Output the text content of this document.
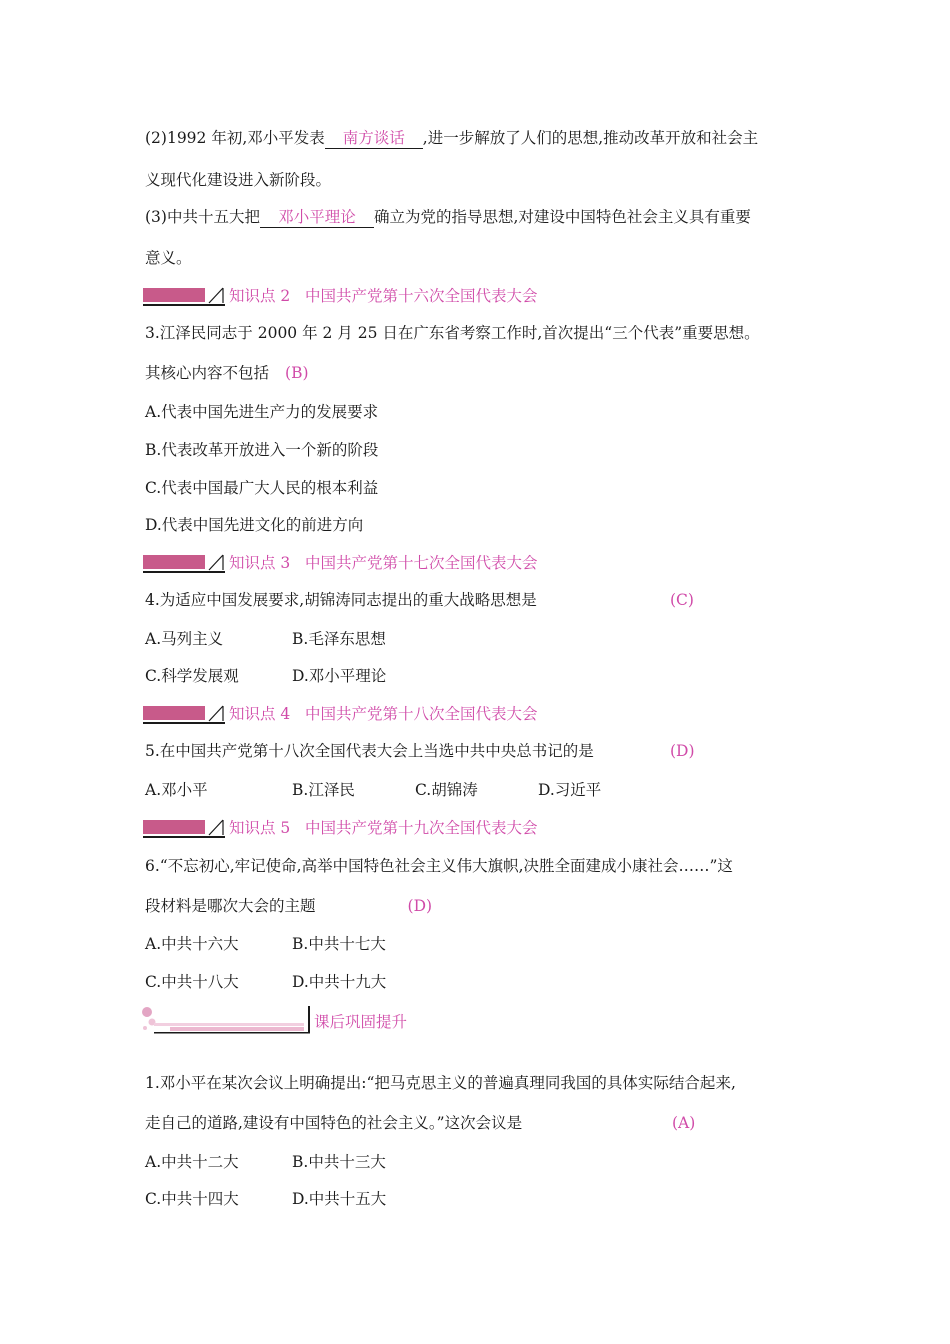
(2)1992 年初,邓小平发表 南方谈话 ,进一步解放了人们的思想,推动改革开放和社会主
义现代化建设进入新阶段。
(3)中共十五大把 邓小平理论 确立为党的指导思想,对建设中国特色社会主义具有重要
意义。
知识点 2 中国共产党第十六次全国代表大会
3.江泽民同志于 2000 年 2 月 25 日在广东省考察工作时,首次提出“三个代表”重要思想。
其核心内容不包括 (B)
A.代表中国先进生产力的发展要求
B.代表改革开放进入一个新的阶段
C.代表中国最广大人民的根本利益
D.代表中国先进文化的前进方向
知识点 3 中国共产党第十七次全国代表大会
4.为适应中国发展要求,胡锦涛同志提出的重大战略思想是	(C)
A.马列主义	B.毛泽东思想
C.科学发展观	D.邓小平理论
知识点 4 中国共产党第十八次全国代表大会
5.在中国共产党第十八次全国代表大会上当选中共中央总书记的是	(D)
A.邓小平	B.江泽民	C.胡锦涛	D.习近平
知识点 5 中国共产党第十九次全国代表大会
6.“不忘初心,牢记使命,高举中国特色社会主义伟大旗帜,决胜全面建成小康社会……”这
段材料是哪次大会的主题	(D)
A.中共十六大	B.中共十七大
C.中共十八大	D.中共十九大
课后巩固提升
1.邓小平在某次会议上明确提出:“把马克思主义的普遍真理同我国的具体实际结合起来,
走自己的道路,建设有中国特色的社会主义。”这次会议是	(A)
A.中共十二大	B.中共十三大
C.中共十四大	D.中共十五大
